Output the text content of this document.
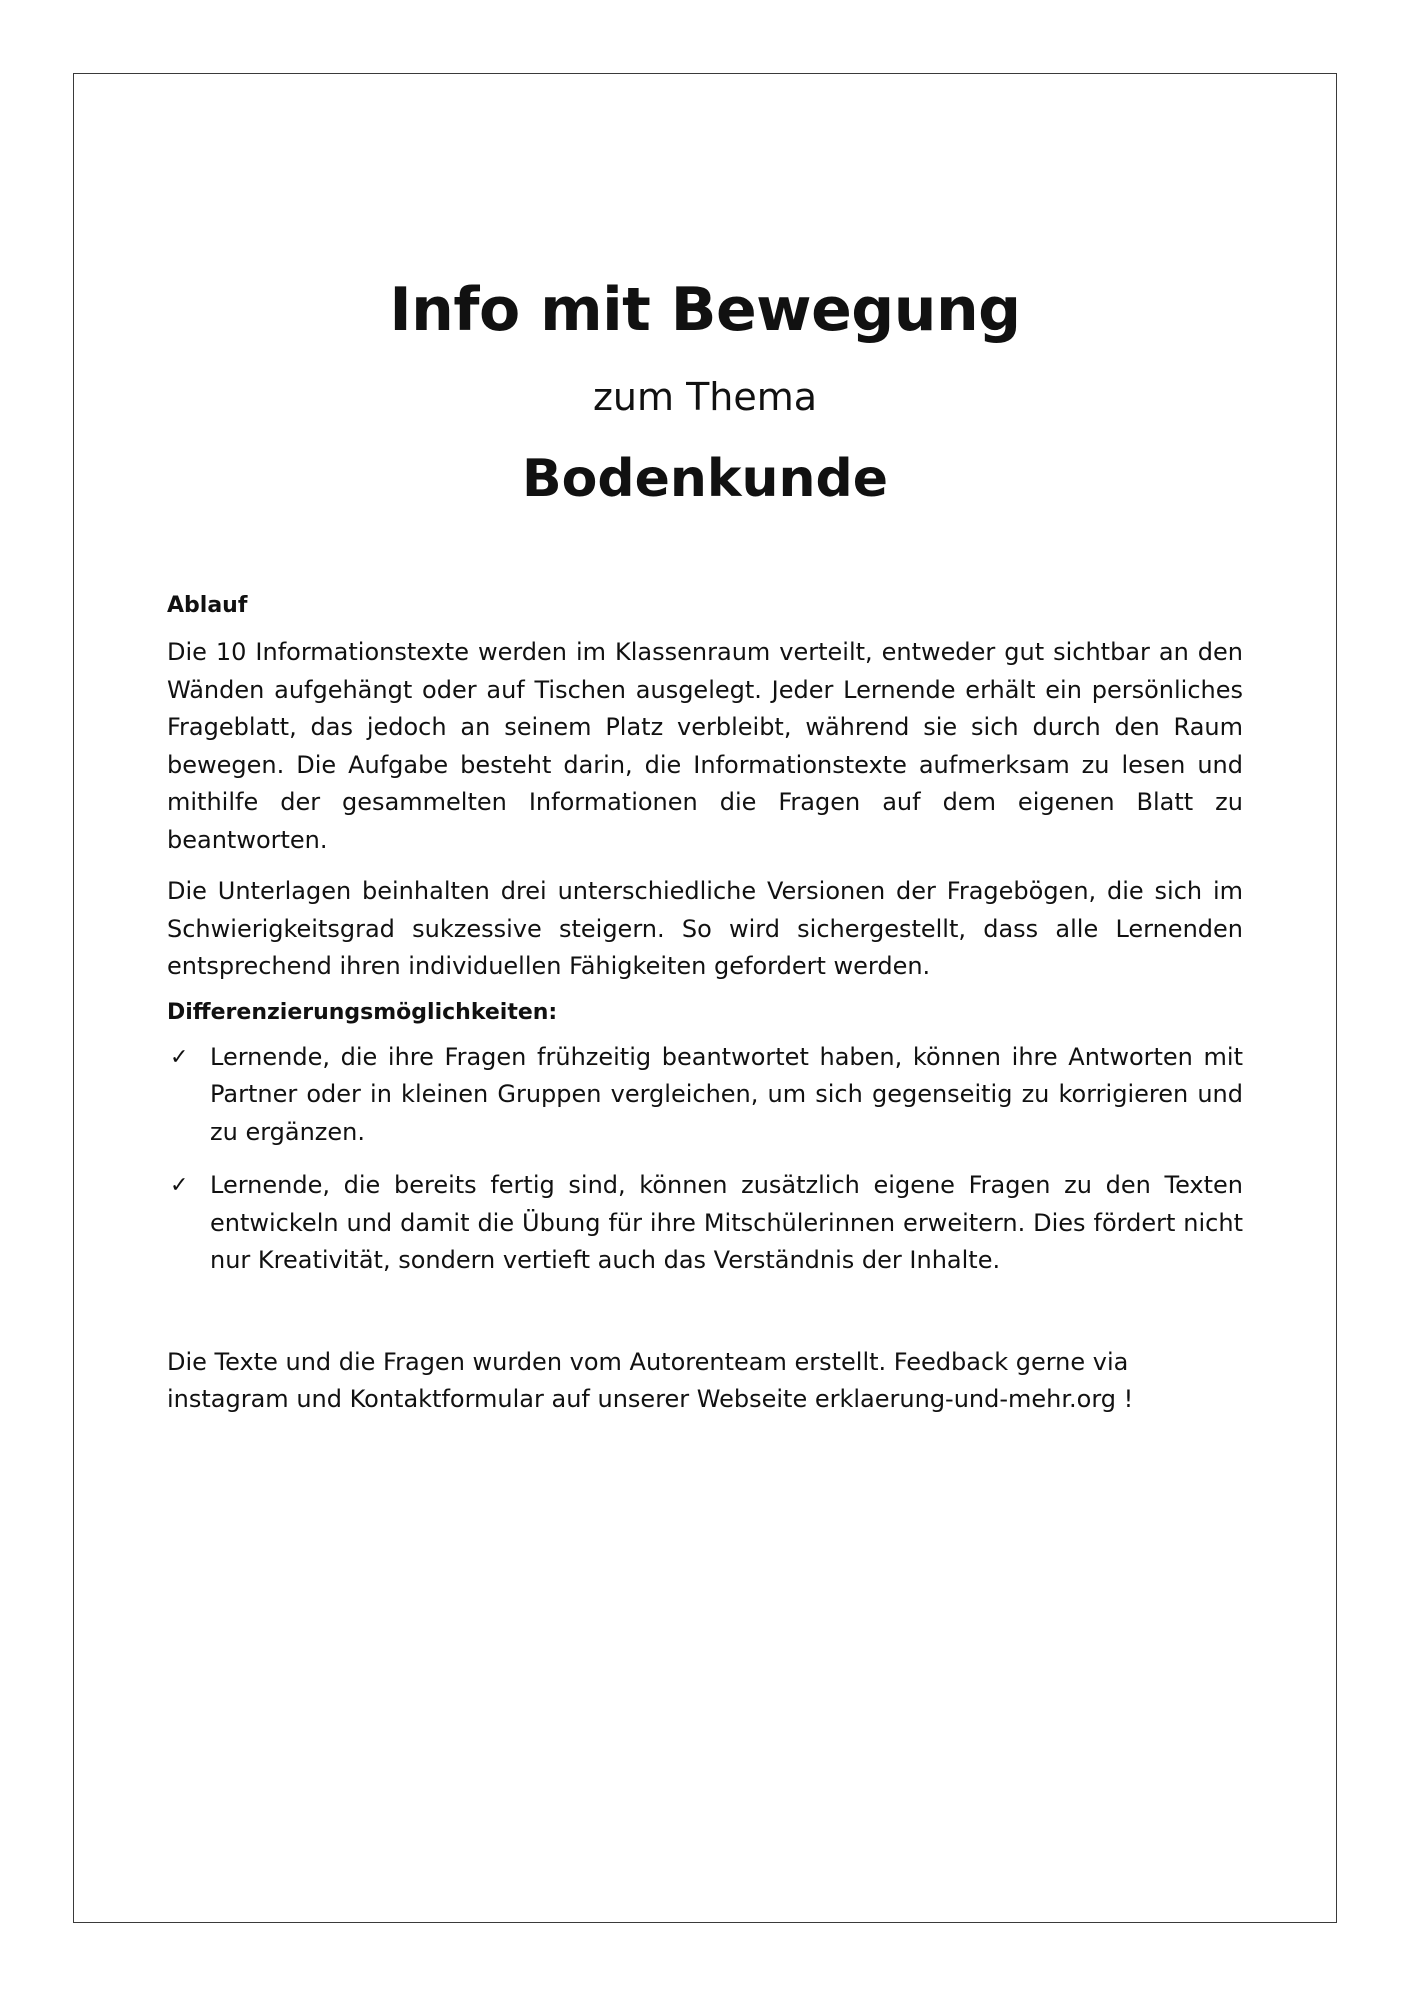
Info mit Bewegung
zum Thema
Bodenkunde
Ablauf

Die 10 Informationstexte werden im Klassenraum verteilt, entweder gut sichtbar an den Wänden aufgehängt oder auf Tischen ausgelegt. Jeder Lernende erhält ein persönliches Frageblatt, das jedoch an seinem Platz verbleibt, während sie sich durch den Raum bewegen. Die Aufgabe besteht darin, die Informationstexte aufmerksam zu lesen und mithilfe der gesammelten Informationen die Fragen auf dem eigenen Blatt zu beantworten.

Die Unterlagen beinhalten drei unterschiedliche Versionen der Fragebögen, die sich im Schwierigkeitsgrad sukzessive steigern. So wird sichergestellt, dass alle Lernenden entsprechend ihren individuellen Fähigkeiten gefordert werden.

Differenzierungsmöglichkeiten:
✓ Lernende, die ihre Fragen frühzeitig beantwortet haben, können ihre Antworten mit Partner oder in kleinen Gruppen vergleichen, um sich gegenseitig zu korrigieren und zu ergänzen.
✓ Lernende, die bereits fertig sind, können zusätzlich eigene Fragen zu den Texten entwickeln und damit die Übung für ihre Mitschülerinnen erweitern. Dies fördert nicht nur Kreativität, sondern vertieft auch das Verständnis der Inhalte.

Die Texte und die Fragen wurden vom Autorenteam erstellt. Feedback gerne via instagram und Kontaktformular auf unserer Webseite erklaerung-und-mehr.org !
